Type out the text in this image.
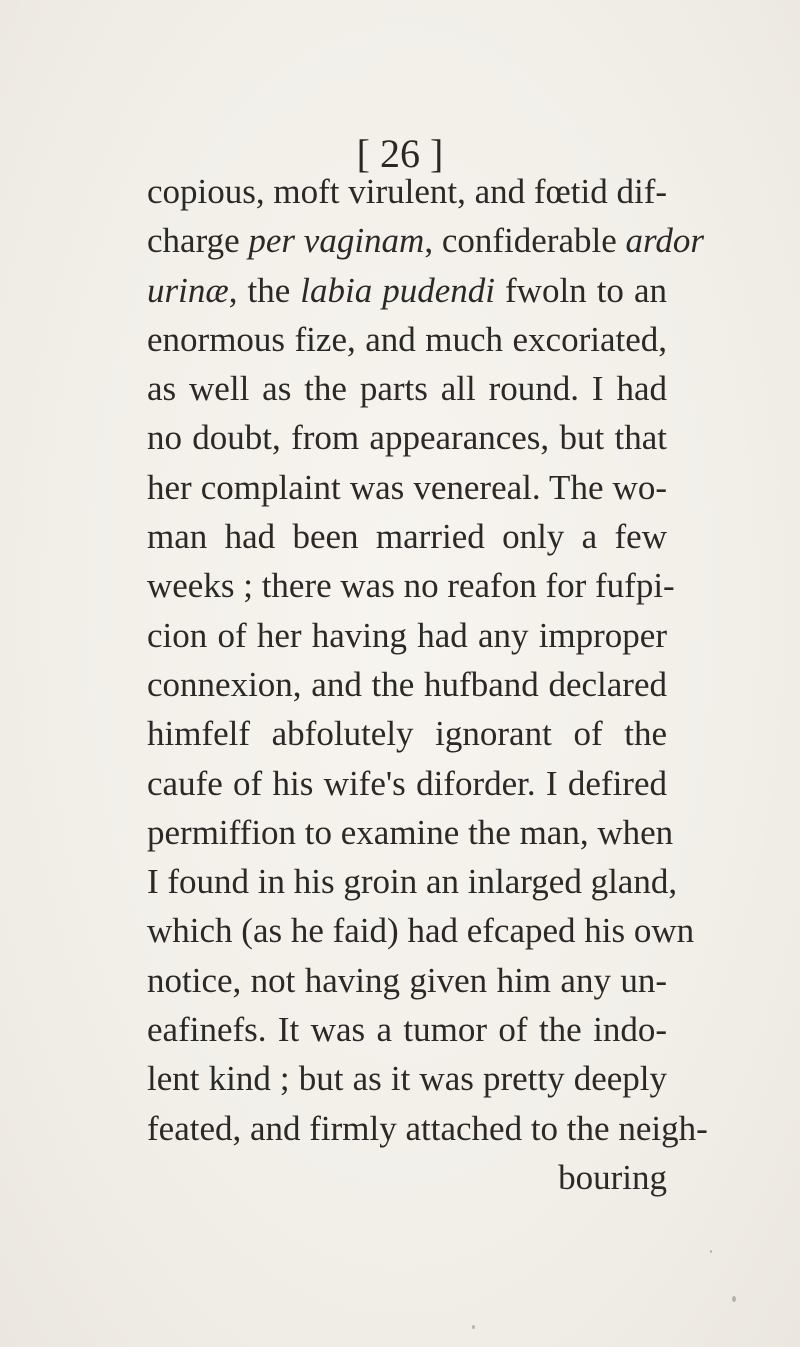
[ 26 ]
copious, moft virulent, and fœtid dif-
charge per vaginam, confiderable ardor
urinæ, the labia pudendi fwoln to an
enormous fize, and much excoriated,
as well as the parts all round. I had
no doubt, from appearances, but that
her complaint was venereal. The wo-
man had been married only a few
weeks ; there was no reafon for fufpi-
cion of her having had any improper
connexion, and the hufband declared
himfelf abfolutely ignorant of the
caufe of his wife's diforder. I defired
permiffion to examine the man, when
I found in his groin an inlarged gland,
which (as he faid) had efcaped his own
notice, not having given him any un-
eafinefs. It was a tumor of the indo-
lent kind ; but as it was pretty deeply
feated, and firmly attached to the neigh-
bouring
